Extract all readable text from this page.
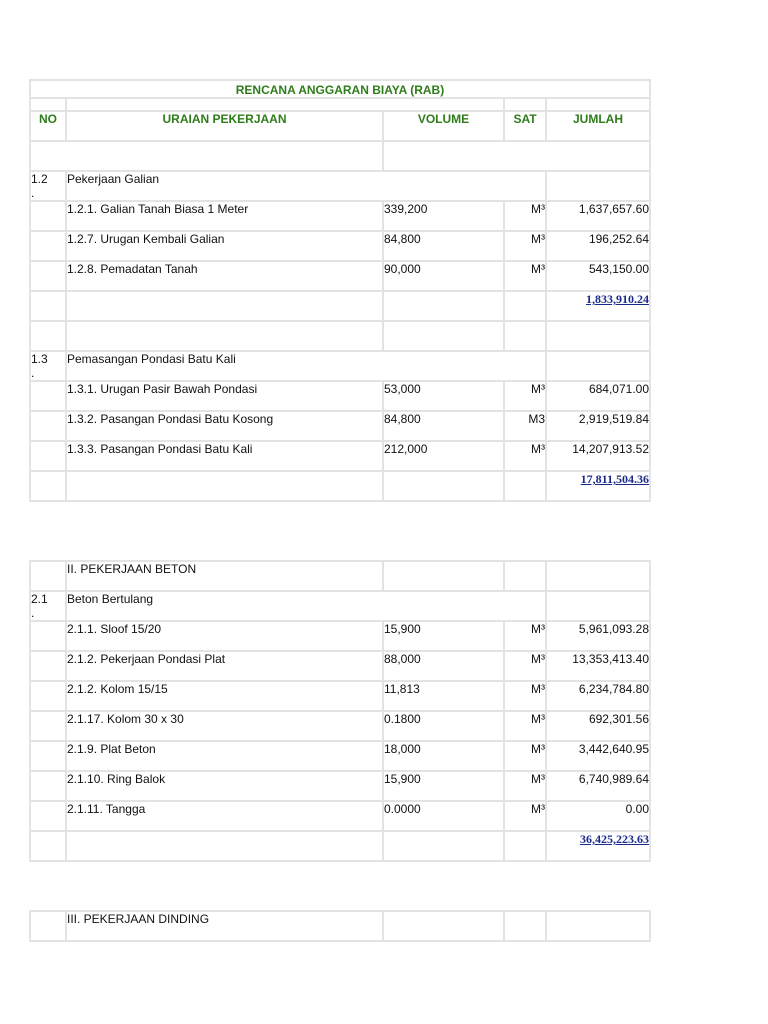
RENCANA ANGGARAN BIAYA (RAB)				

NO	URAIAN PEKERJAAN	VOLUME	SAT	JUMLAH

1.2
.	Pekerjaan Galian			
	1.2.1. Galian Tanah Biasa 1 Meter	339,200	M³	1,637,657.60
	1.2.7. Urugan Kembali Galian	84,800	M³	196,252.64
	1.2.8. Pemadatan Tanah	90,000	M³	543,150.00
				1,833,910.24

1.3
.	Pemasangan Pondasi Batu Kali			
	1.3.1. Urugan Pasir Bawah Pondasi	53,000	M³	684,071.00
	1.3.2. Pasangan Pondasi Batu Kosong	84,800	M3	2,919,519.84
	1.3.3. Pasangan Pondasi Batu Kali	212,000	M³	14,207,913.52
				17,811,504.36
	II. PEKERJAAN BETON			
2.1
.	Beton Bertulang			
	2.1.1. Sloof 15/20	15,900	M³	5,961,093.28
	2.1.2. Pekerjaan Pondasi Plat	88,000	M³	13,353,413.40
	2.1.2. Kolom 15/15	11,813	M³	6,234,784.80
	2.1.17. Kolom 30 x 30	0.1800	M³	692,301.56
	2.1.9. Plat Beton	18,000	M³	3,442,640.95
	2.1.10. Ring Balok	15,900	M³	6,740,989.64
	2.1.11. Tangga	0.0000	M³	0.00
				36,425,223.63
	III. PEKERJAAN DINDING			
